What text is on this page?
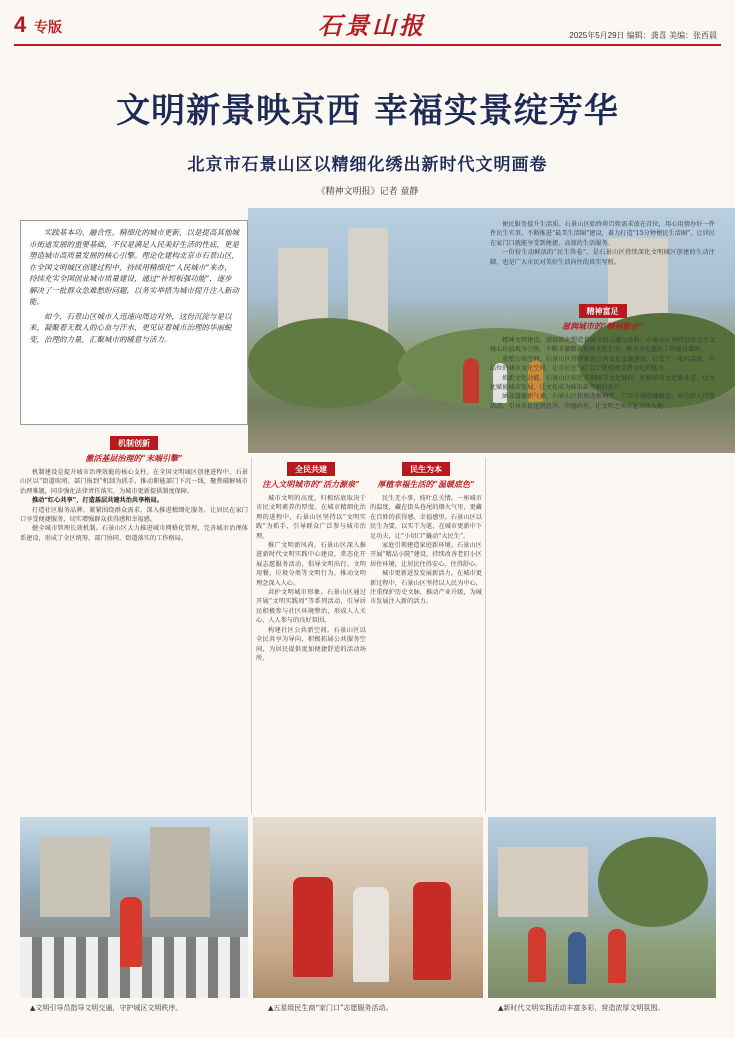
4 专版	石景山报	2025年5月29日 编辑：龚喜 美编：张西晨
文明新景映京西 幸福实景绽芳华
北京市石景山区以精细化绣出新时代文明画卷
《精神文明报》记者 童静

实践基本功、融合性、精细化的城市更新，以是提高其他城市街道发展的重要基础，不仅是满足人民美好生活的性底，更是塑造城市高质量发展的核心引擎。理论化建构北京市石景山区，在全国文明城区创建过程中，持续用精细化“人民城市”来办，持续充实全国创业城市质量建设，通过“补短板强功能”，逐步解决了一批群众急难愁盼问题，以务实举措为城市提升注入新动能。

如今，石景山区城市人迅速向周边对外，这份沉淀与是以来，凝聚着无数人的心血与汗水，更见证着城市治理的华丽蜕变，治理的力量，汇聚城市的暖意与活力。

机制创新
激活基层治理的“末端引擎”

机制建设是提升城市治理效能的核心支柱。在全国文明城区创建进程中，石景山区以“街道吹哨、部门报到”机制为抓手，推动职能部门下沉一线，聚焦破解城市治理难题，同步强化法律责任落实，为城市更新提供制度保障。

推动“红心共享”，打造基层共建共治共享格局。

打造社区服务品牌。紧紧围绕群众需求，深入推进精细化服务，让居民在家门口享受便捷服务，切实增强群众获得感和幸福感。

健全城市管理长效机制。石景山区大力推进城市网格化管理，完善城市治理体系建设，形成了全区统筹、部门协同、街道落实的工作格局。

全民共建
注入文明城市的“活力源泉”

城市文明的高度，归根结底取决于市民文明素养的厚度。在城市精细化治理的进程中，石景山区坚持以“文明实践”为抓手，引导群众广泛参与城市治理。

推广文明新风尚。石景山区深入推进新时代文明实践中心建设，常态化开展志愿服务活动，倡导文明出行、文明用餐、垃圾分类等文明行为，推动文明理念深入人心。

共护文明城市形象。石景山区通过开展“文明实践周”等系列活动，引导居民积极参与社区环境整治，形成人人关心、人人参与的良好氛围。

构建社区公共新空间。石景山区以全民共享为导向，积极拓展公共服务空间，为居民提供更加便捷舒适的活动场所。

民生为本
厚植幸福生活的“温暖底色”

民生无小事，枝叶总关情。一座城市的温度，藏在街头巷尾的烟火气里，更藏在百姓的获得感、幸福感里。石景山区以民生为要，以实干为笔，在城市更新中下足功夫，让“小切口”撬动“大民生”。

家庭引领建造家庭新环境。石景山区开展“精品小院”建设，持续改善老旧小区居住环境，让居民住得安心、住得舒心。

城市更新迸发发展新活力。在城市更新过程中，石景山区坚持以人民为中心，注重保护历史文脉，推动产业升级，为城市发展注入新的活力。

便民服务提升生活质。石景山区始终将百姓需求放在首位，用心用情办好一件件民生实事，不断推进“最美生活圈”建设，着力打造“15分钟便民生活圈”，让居民在家门口就能享受到便捷、高效的生活服务。

一份份生动鲜活的“民生答卷”，是石景山区持续深化文明城区创建的生动注脚，也是广大市民对美好生活向往的真实写照。

精神富足
滋润城市的“精神粮仓”

精神文明建设，潜移默化塑造着城市的灵魂与品格。石景山区坚持以社会主义核心价值观为引领，不断丰富群众精神文化生活，推动文化惠民工程提质增效。

重塑公共空间。石景山区持续推进公共文化设施建设，打造了一批有温度、有品位的城市文化空间，让市民在“家门口”就能感受到文化的魅力。

焕新文化动能。石景山区依托首钢园等文化地标，积极培育文化新业态，以文化赋能城市发展，让文化成为城市最亮丽的名片。

涵泳道德新气象。石景山区积极选树典型，广泛开展道德模范、身边好人评选活动，引导市民见贤思齐、崇德向善，让文明之风吹遍京西大地。

▲文明引导员指导文明交通，守护城区文明秩序。	▲五星级民生商“家门口”志愿服务活动。	▲新时代文明实践活动丰富多彩，营造浓厚文明氛围。
